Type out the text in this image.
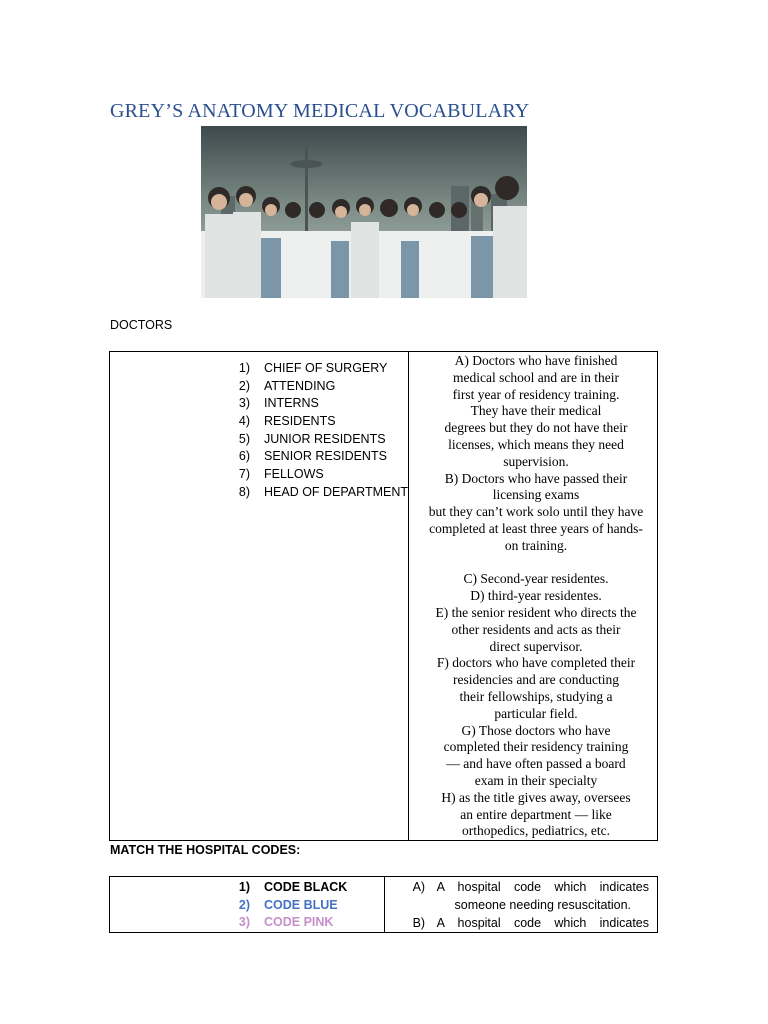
GREY’S ANATOMY MEDICAL VOCABULARY
DOCTORS
1) CHIEF OF SURGERY
2) ATTENDING
3) INTERNS
4) RESIDENTS
5) JUNIOR RESIDENTS
6) SENIOR RESIDENTS
7) FELLOWS
8) HEAD OF DEPARTMENT

A) Doctors who have finished

medical school and are in their

first year of residency training.

They have their medical

degrees but they do not have their

licenses, which means they need

supervision.

B) Doctors who have passed their

licensing exams

but they can’t work solo until they have

completed at least three years of hands-

on training.

C) Second-year residentes.

D) third-year residentes.

E) the senior resident who directs the

other residents and acts as their

direct supervisor.

F) doctors who have completed their

residencies and are conducting

their fellowships, studying a

particular field.

G) Those doctors who have

completed their residency training

— and have often passed a board

exam in their specialty

H) as the title gives away, oversees

an entire department — like

orthopedics, pediatrics, etc.

MATCH THE HOSPITAL CODES:
1) CODE BLACK
2) CODE BLUE
3) CODE PINK

A) A hospital code which indicates
someone needing resuscitation.
B) A hospital code which indicates
